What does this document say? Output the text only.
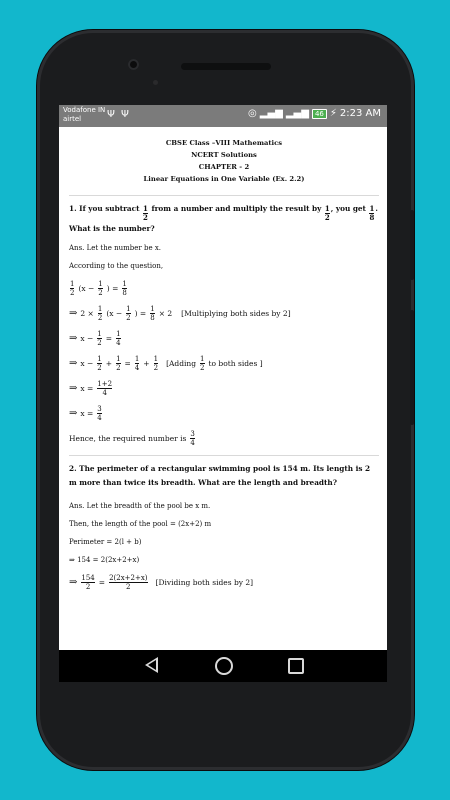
CBSE Class –VIII Mathematics
NCERT Solutions
CHAPTER - 2
Linear Equations in One Variable (Ex. 2.2)
1. If you subtract $\frac{1}{2}$ from a number and multiply the result by $\frac{1}{2}$ , you get $\frac{1}{8}$ . What is the number?
Ans. Let the number be x.
According to the question,
$\frac{1}{2} (x - \frac{1}{2}$ ) = $\frac{1}{8}$
⇒ $2 \times \frac{1}{2} (x - \frac{1}{2}$ ) = $\frac{1}{8} \times 2$ [Multiplying both sides by 2]
⇒ $x - \frac{1}{2} = \frac{1}{4}$
⇒ $x - \frac{1}{2} + \frac{1}{2} = \frac{1}{4} + \frac{1}{2}$ [Adding $\frac{1}{2}$ to both sides ]
⇒ $x = \frac{1+2}{4}$
⇒ $x = \frac{3}{4}$
Hence, the required number is $\frac{3}{4}$
2. The perimeter of a rectangular swimming pool is 154 m. Its length is 2 m more than twice its breadth. What are the length and breadth?
Ans. Let the breadth of the pool be x m.
Then, the length of the pool = (2x+2) m
Perimeter = 2(l + b)
⇒ 154 = 2(2x+2+x)
⇒ $\frac{154}{2} = \frac{2(2x+2+x)}{2}$ [Dividing both sides by 2]
Vodafone IN
airtel	Ψ Ψ	◎ ▂▄▆ ▂▄▆ 46 ⚡ 2:23 AM
